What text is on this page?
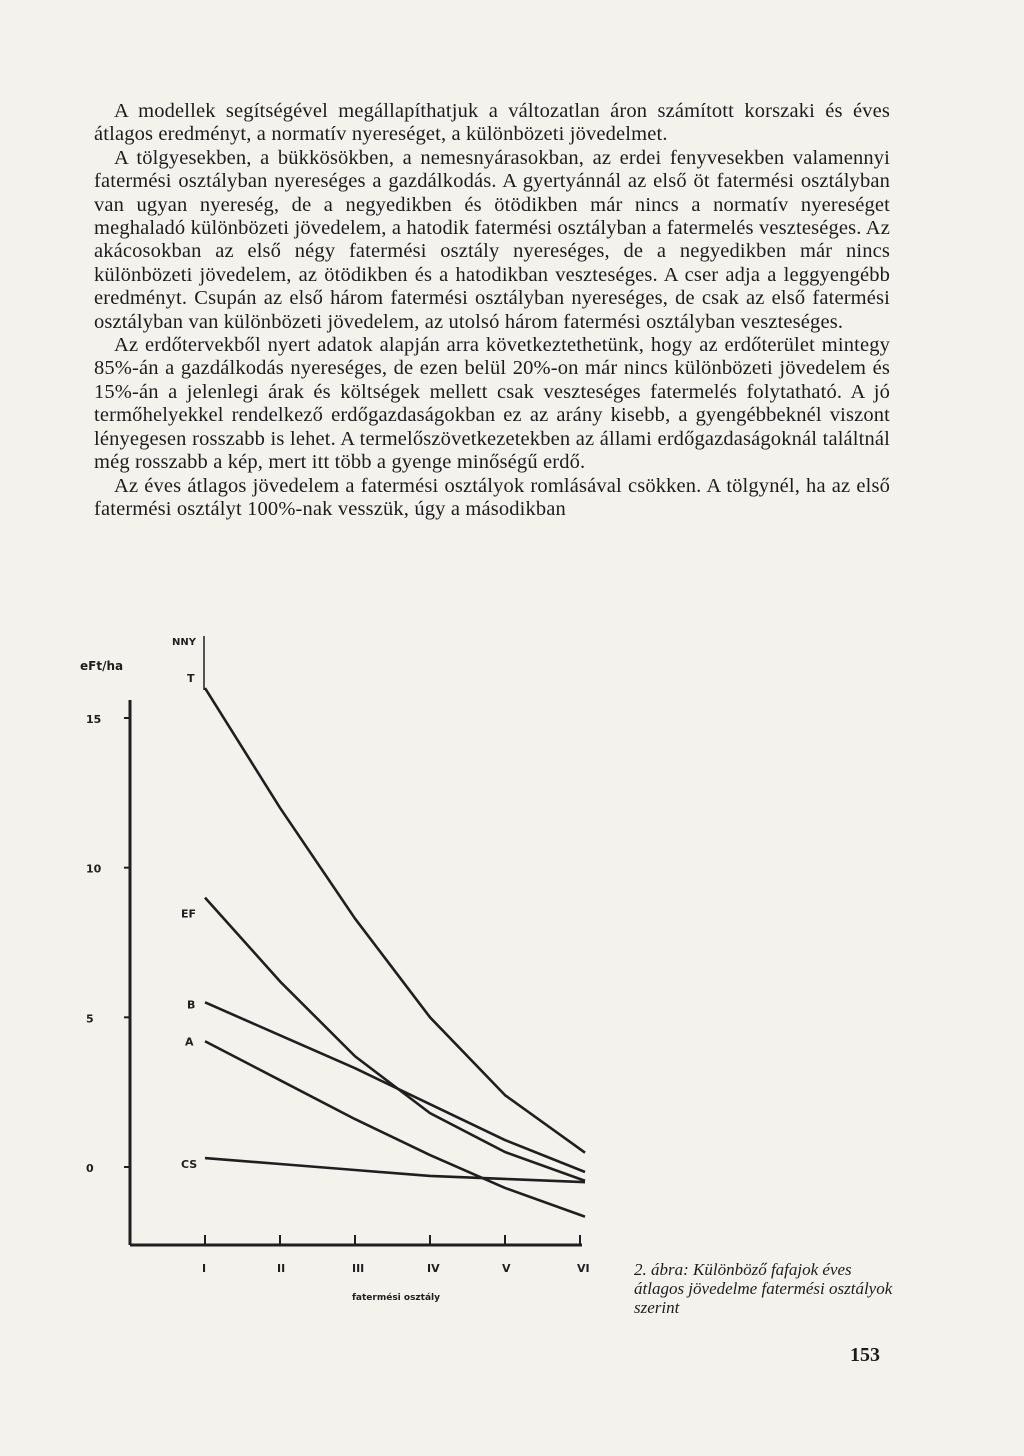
A modellek segítségével megállapíthatjuk a változatlan áron számított korszaki és éves átlagos eredményt, a normatív nyereséget, a különbözeti jövedelmet.

A tölgyesekben, a bükkösökben, a nemesnyárasokban, az erdei fenyvesekben valamennyi fatermési osztályban nyereséges a gazdálkodás. A gyertyánnál az első öt fatermési osztályban van ugyan nyereség, de a negyedikben és ötödikben már nincs a normatív nyereséget meghaladó különbözeti jövedelem, a hatodik fatermési osztályban a fatermelés veszteséges. Az akácosokban az első négy fatermési osztály nyereséges, de a negyedikben már nincs különbözeti jövedelem, az ötödikben és a hatodikban veszteséges. A cser adja a leggyengébb eredményt. Csupán az első három fatermési osztályban nyereséges, de csak az első fatermési osztályban van különbözeti jövedelem, az utolsó három fatermési osztályban veszteséges.

Az erdőtervekből nyert adatok alapján arra következtethetünk, hogy az erdőterület mintegy 85%-án a gazdálkodás nyereséges, de ezen belül 20%-on már nincs különbözeti jövedelem és 15%-án a jelenlegi árak és költségek mellett csak veszteséges fatermelés folytatható. A jó termőhelyekkel rendelkező erdőgazdaságokban ez az arány kisebb, a gyengébbeknél viszont lényegesen rosszabb is lehet. A termelőszövetkezetekben az állami erdőgazdaságoknál találtnál még rosszabb a kép, mert itt több a gyenge minőségű erdő.

Az éves átlagos jövedelem a fatermési osztályok romlásával csökken. A tölgynél, ha az első fatermési osztályt 100%-nak vesszük, úgy a másodikban

0
5
10
15
I	II	III	IV	V	VI
eFt/ha
fatermési osztály
NNY
T
EF
B
A
CS
2. ábra: Különböző fafajok éves átlagos jövedelme fatermési osztályok szerint
153
